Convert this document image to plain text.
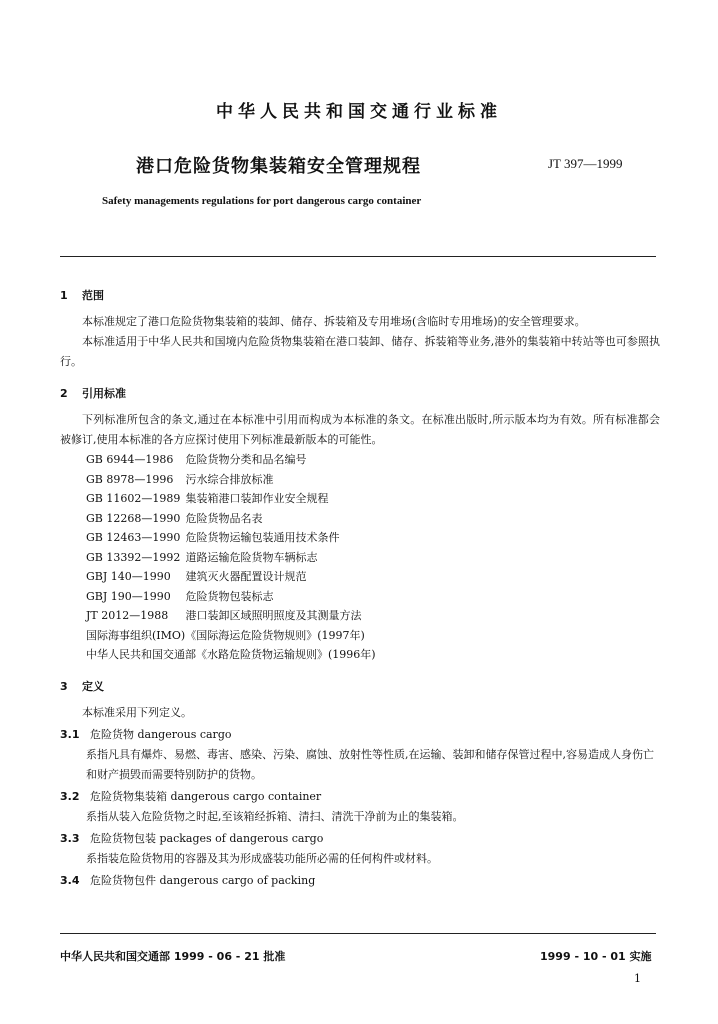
中华人民共和国交通行业标准
港口危险货物集装箱安全管理规程	JT 397—1999
Safety managements regulations for port dangerous cargo container
1 范围
本标准规定了港口危险货物集装箱的装卸、储存、拆装箱及专用堆场(含临时专用堆场)的安全管理要求。
本标准适用于中华人民共和国境内危险货物集装箱在港口装卸、储存、拆装箱等业务,港外的集装箱中转站等也可参照执行。
2 引用标准
下列标准所包含的条文,通过在本标准中引用而构成为本标准的条文。在标准出版时,所示版本均为有效。所有标准都会被修订,使用本标准的各方应探讨使用下列标准最新版本的可能性。
GB 6944—1986 危险货物分类和品名编号
GB 8978—1996 污水综合排放标准
GB 11602—1989 集装箱港口装卸作业安全规程
GB 12268—1990 危险货物品名表
GB 12463—1990 危险货物运输包装通用技术条件
GB 13392—1992 道路运输危险货物车辆标志
GBJ 140—1990 建筑灭火器配置设计规范
GBJ 190—1990 危险货物包装标志
JT 2012—1988 港口装卸区域照明照度及其测量方法
国际海事组织(IMO)《国际海运危险货物规则》(1997年)
中华人民共和国交通部《水路危险货物运输规则》(1996年)
3 定义
本标准采用下列定义。
3.1 危险货物 dangerous cargo
系指凡具有爆炸、易燃、毒害、感染、污染、腐蚀、放射性等性质,在运输、装卸和储存保管过程中,容易造成人身伤亡和财产损毁而需要特别防护的货物。
3.2 危险货物集装箱 dangerous cargo container
系指从装入危险货物之时起,至该箱经拆箱、清扫、清洗干净前为止的集装箱。
3.3 危险货物包装 packages of dangerous cargo
系指装危险货物用的容器及其为形成盛装功能所必需的任何构件或材料。
3.4 危险货物包件 dangerous cargo of packing
中华人民共和国交通部 1999 - 06 - 21 批准	1999 - 10 - 01 实施
1
